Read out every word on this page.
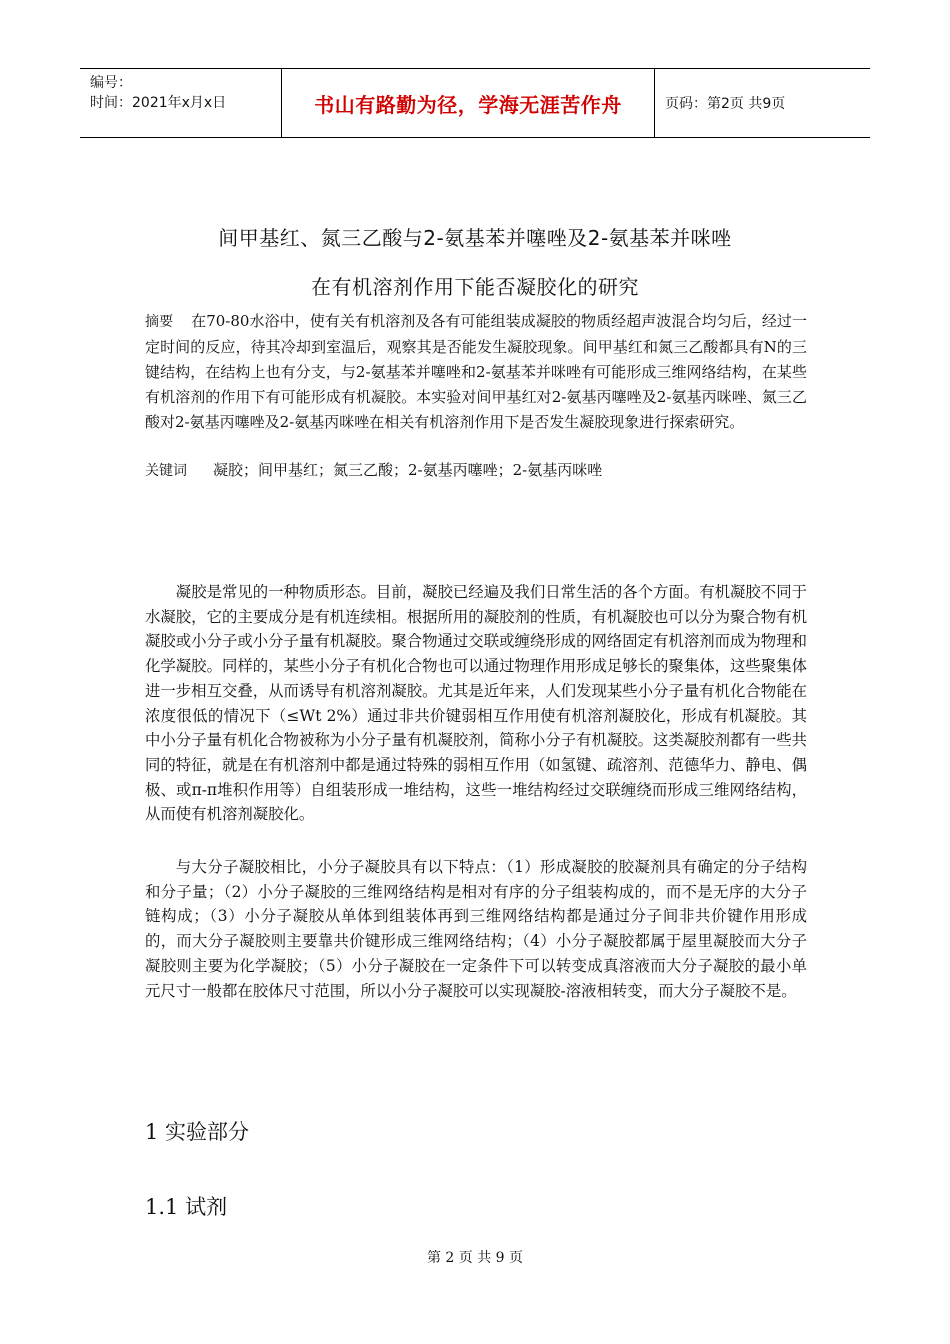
编号：
时间：2021年x月x日	书山有路勤为径，学海无涯苦作舟	页码：第2页 共9页
间甲基红、氮三乙酸与2-氨基苯并噻唑及2-氨基苯并咪唑
在有机溶剂作用下能否凝胶化的研究
摘要 在70-80水浴中，使有关有机溶剂及各有可能组装成凝胶的物质经超声波混合均匀后，经过一定时间的反应，待其冷却到室温后，观察其是否能发生凝胶现象。间甲基红和氮三乙酸都具有N的三键结构，在结构上也有分支，与2-氨基苯并噻唑和2-氨基苯并咪唑有可能形成三维网络结构，在某些有机溶剂的作用下有可能形成有机凝胶。本实验对间甲基红对2-氨基丙噻唑及2-氨基丙咪唑、氮三乙酸对2-氨基丙噻唑及2-氨基丙咪唑在相关有机溶剂作用下是否发生凝胶现象进行探索研究。
关键词 凝胶；间甲基红；氮三乙酸；2-氨基丙噻唑；2-氨基丙咪唑
凝胶是常见的一种物质形态。目前，凝胶已经遍及我们日常生活的各个方面。有机凝胶不同于水凝胶，它的主要成分是有机连续相。根据所用的凝胶剂的性质，有机凝胶也可以分为聚合物有机凝胶或小分子或小分子量有机凝胶。聚合物通过交联或缠绕形成的网络固定有机溶剂而成为物理和化学凝胶。同样的，某些小分子有机化合物也可以通过物理作用形成足够长的聚集体，这些聚集体进一步相互交叠，从而诱导有机溶剂凝胶。尤其是近年来，人们发现某些小分子量有机化合物能在浓度很低的情况下（≤Wt 2%）通过非共价键弱相互作用使有机溶剂凝胶化，形成有机凝胶。其中小分子量有机化合物被称为小分子量有机凝胶剂，简称小分子有机凝胶。这类凝胶剂都有一些共同的特征，就是在有机溶剂中都是通过特殊的弱相互作用（如氢键、疏溶剂、范德华力、静电、偶极、或π-π堆积作用等）自组装形成一堆结构，这些一堆结构经过交联缠绕而形成三维网络结构，从而使有机溶剂凝胶化。
与大分子凝胶相比，小分子凝胶具有以下特点：（1）形成凝胶的胶凝剂具有确定的分子结构和分子量；（2）小分子凝胶的三维网络结构是相对有序的分子组装构成的，而不是无序的大分子链构成；（3）小分子凝胶从单体到组装体再到三维网络结构都是通过分子间非共价键作用形成的，而大分子凝胶则主要靠共价键形成三维网络结构；（4）小分子凝胶都属于屋里凝胶而大分子凝胶则主要为化学凝胶；（5）小分子凝胶在一定条件下可以转变成真溶液而大分子凝胶的最小单元尺寸一般都在胶体尺寸范围，所以小分子凝胶可以实现凝胶-溶液相转变，而大分子凝胶不是。
1 实验部分
1.1 试剂
第 2 页 共 9 页
